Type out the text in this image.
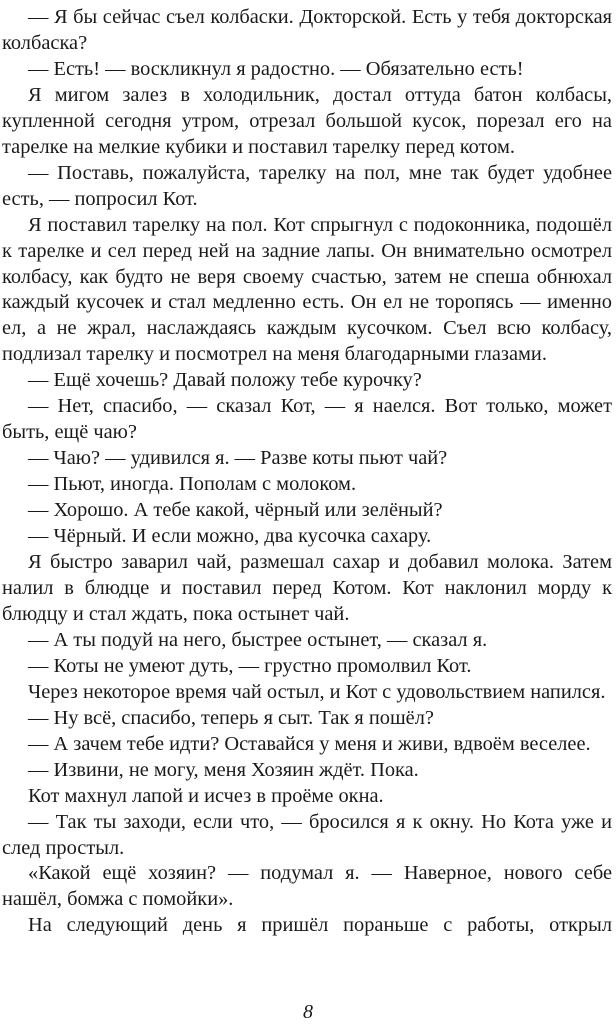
— Я бы сейчас съел колбаски. Докторской. Есть у тебя докторская колбаска?

— Есть! — воскликнул я радостно. — Обязательно есть!

Я мигом залез в холодильник, достал оттуда батон колбасы, купленной сегодня утром, отрезал большой кусок, порезал его на тарелке на мелкие кубики и поставил тарелку перед котом.

— Поставь, пожалуйста, тарелку на пол, мне так будет удобнее есть, — попросил Кот.

Я поставил тарелку на пол. Кот спрыгнул с подоконника, подошёл к тарелке и сел перед ней на задние лапы. Он внимательно осмотрел колбасу, как будто не веря своему счастью, затем не спеша обнюхал каждый кусочек и стал медленно есть. Он ел не торопясь — именно ел, а не жрал, наслаждаясь каждым кусочком. Съел всю колбасу, подлизал тарелку и посмотрел на меня благодарными глазами.

— Ещё хочешь? Давай положу тебе курочку?

— Нет, спасибо, — сказал Кот, — я наелся. Вот только, может быть, ещё чаю?

— Чаю? — удивился я. — Разве коты пьют чай?

— Пьют, иногда. Пополам с молоком.

— Хорошо. А тебе какой, чёрный или зелёный?

— Чёрный. И если можно, два кусочка сахару.

Я быстро заварил чай, размешал сахар и добавил молока. Затем налил в блюдце и поставил перед Котом. Кот наклонил морду к блюдцу и стал ждать, пока остынет чай.

— А ты подуй на него, быстрее остынет, — сказал я.

— Коты не умеют дуть, — грустно промолвил Кот.

Через некоторое время чай остыл, и Кот с удовольствием напился.

— Ну всё, спасибо, теперь я сыт. Так я пошёл?

— А зачем тебе идти? Оставайся у меня и живи, вдвоём веселее.

— Извини, не могу, меня Хозяин ждёт. Пока.

Кот махнул лапой и исчез в проёме окна.

— Так ты заходи, если что, — бросился я к окну. Но Кота уже и след простыл.

«Какой ещё хозяин? — подумал я. — Наверное, нового себе нашёл, бомжа с помойки».

На следующий день я пришёл пораньше с работы, открыл

8
